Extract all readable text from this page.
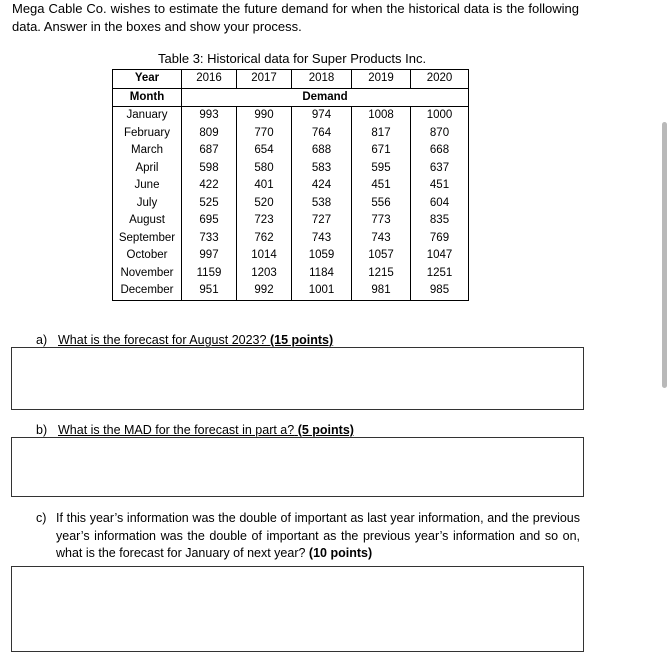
Mega Cable Co. wishes to estimate the future demand for when the historical data is the following data. Answer in the boxes and show your process.
Table 3: Historical data for Super Products Inc.
Year	2016	2017	2018	2019	2020
Month	Demand				
January	993	990	974	1008	1000
February	809	770	764	817	870
March	687	654	688	671	668
April	598	580	583	595	637
June	422	401	424	451	451
July	525	520	538	556	604
August	695	723	727	773	835
September	733	762	743	743	769
October	997	1014	1059	1057	1047
November	1159	1203	1184	1215	1251
December	951	992	1001	981	985
a) What is the forecast for August 2023? (15 points)
b) What is the MAD for the forecast in part a? (5 points)
c) If this year’s information was the double of important as last year information, and the previous year’s information was the double of important as the previous year’s information and so on, what is the forecast for January of next year? (10 points)
